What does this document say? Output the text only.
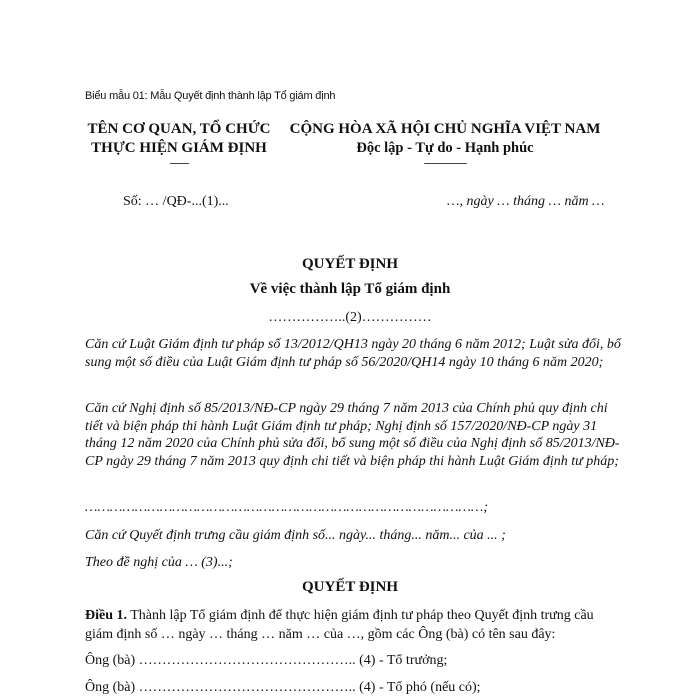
Biểu mẫu 01: Mẫu Quyết định thành lập Tổ giám định
TÊN CƠ QUAN, TỔ CHỨC
THỰC HIỆN GIÁM ĐỊNH
-------
CỘNG HÒA XÃ HỘI CHỦ NGHĨA VIỆT NAM
Độc lập - Tự do - Hạnh phúc
----------------
Số: … /QĐ-...(1)...	…, ngày … tháng … năm …
QUYẾT ĐỊNH
Về việc thành lập Tổ giám định
……………..(2)……………
Căn cứ Luật Giám định tư pháp số 13/2012/QH13 ngày 20 tháng 6 năm 2012; Luật sửa đổi, bổ sung một số điều của Luật Giám định tư pháp số 56/2020/QH14 ngày 10 tháng 6 năm 2020;
Căn cứ Nghị định số 85/2013/NĐ-CP ngày 29 tháng 7 năm 2013 của Chính phủ quy định chi tiết và biện pháp thi hành Luật Giám định tư pháp; Nghị định số 157/2020/NĐ-CP ngày 31 tháng 12 năm 2020 của Chính phủ sửa đổi, bổ sung một số điều của Nghị định số 85/2013/NĐ-CP ngày 29 tháng 7 năm 2013 quy định chi tiết và biện pháp thi hành Luật Giám định tư pháp;
……………………………………………………………………………………;
Căn cứ Quyết định trưng cầu giám định số... ngày... tháng... năm... của ... ;
Theo đề nghị của … (3)...;
QUYẾT ĐỊNH
Điều 1. Thành lập Tổ giám định để thực hiện giám định tư pháp theo Quyết định trưng cầu giám định số … ngày … tháng … năm … của …, gồm các Ông (bà) có tên sau đây:
Ông (bà) ……………………………………….. (4) - Tổ trưởng;
Ông (bà) ……………………………………….. (4) - Tổ phó (nếu có);
